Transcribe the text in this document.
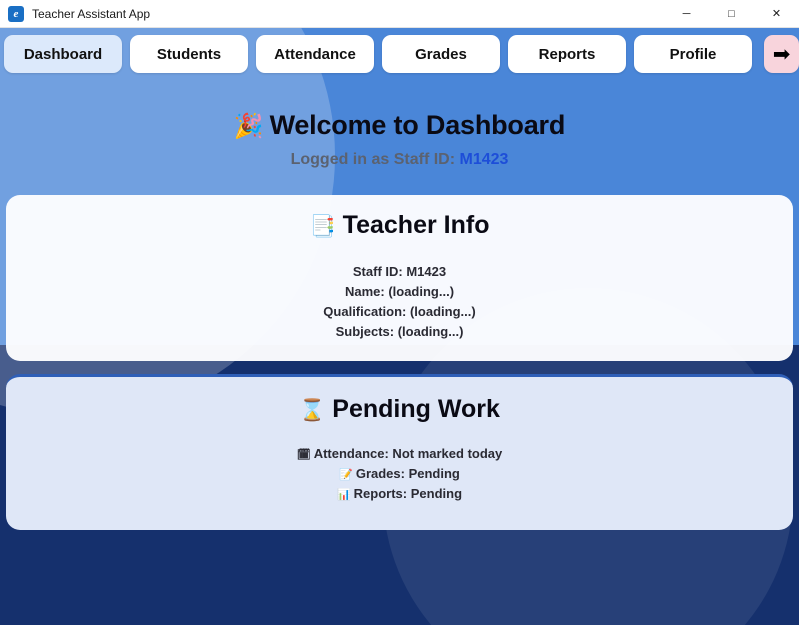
e	Teacher Assistant App	─	□	✕
Dashboard	Students	Attendance	Grades	Reports	Profile	➡
🎉 Welcome to Dashboard
Logged in as Staff ID: M1423
📑 Teacher Info
Staff ID: M1423
Name: (loading...)
Qualification: (loading...)
Subjects: (loading...)
⌛ Pending Work
🗓 Attendance: Not marked today
📝 Grades: Pending
📊 Reports: Pending
